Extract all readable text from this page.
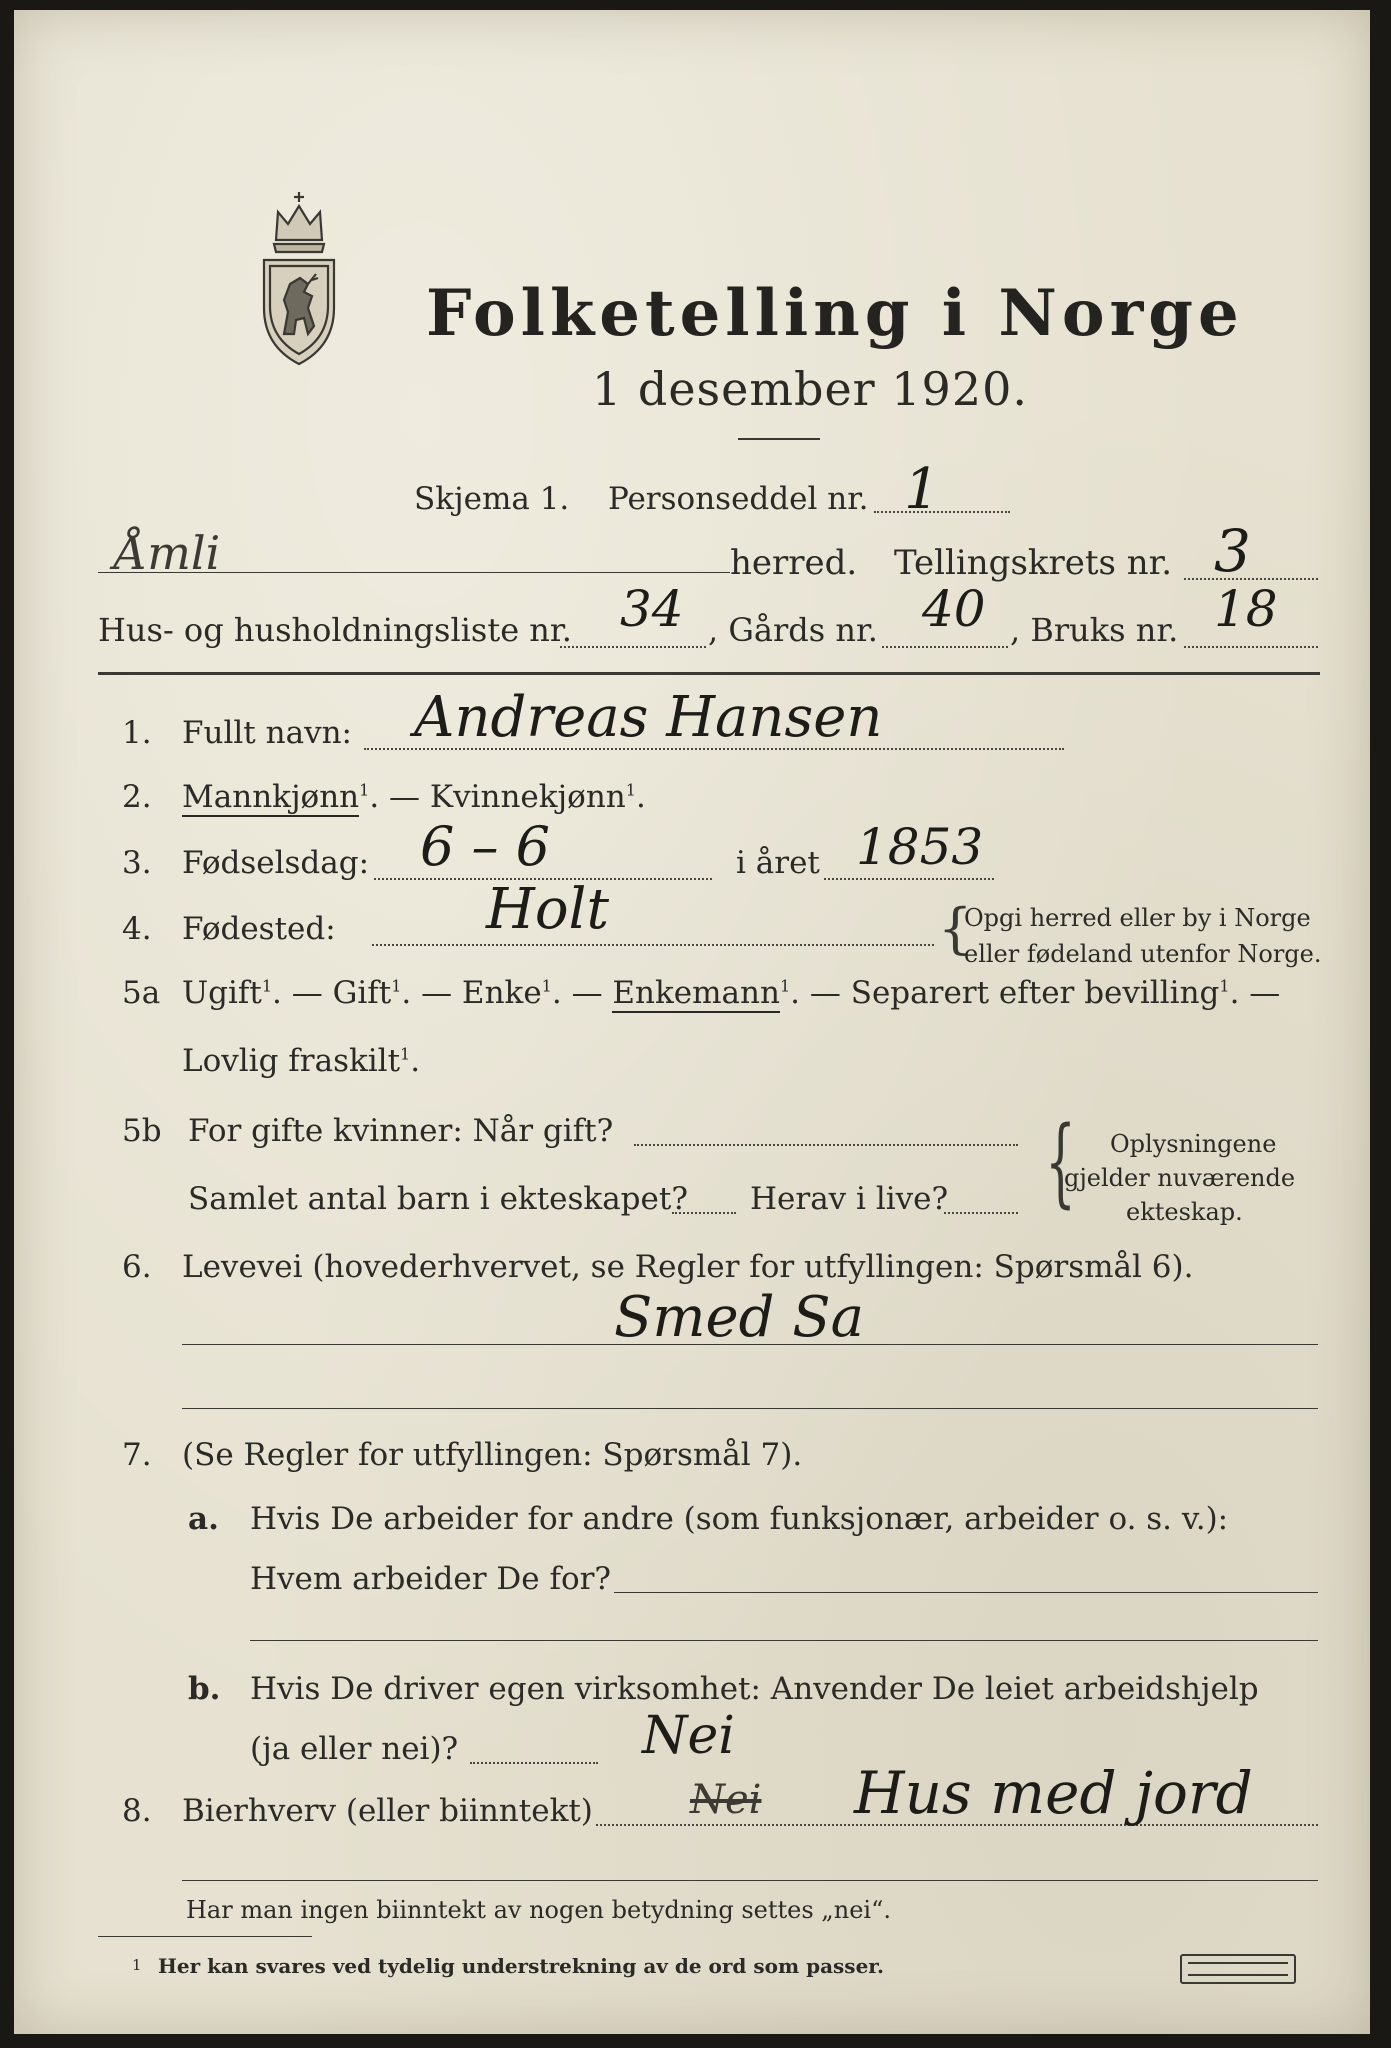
Folketelling i Norge
1 desember 1920.
Skjema 1. Personseddel nr. 1
Åmli	herred. Tellingskrets nr. 3
Hus- og husholdningsliste nr. 34 , Gårds nr. 40 , Bruks nr. 18
1. Fullt navn: Andreas Hansen
2. Mannkjønn$^1$. — Kvinnekjønn$^1$.
3. Fødselsdag: 6 – 6	i året 1853
4. Fødested:	Holt	{
Opgi herred eller by i Norge
eller fødeland utenfor Norge.
5a Ugift$^1$. — Gift$^1$. — Enke$^1$. — Enkemann$^1$. — Separert efter bevilling$^1$. —
Lovlig fraskilt$^1$.
5b For gifte kvinner: Når gift?
Samlet antal barn i ekteskapet? Herav i live? { Oplysningene
gjelder nuværende
ekteskap.
6. Levevei (hovederhvervet, se Regler for utfyllingen: Spørsmål 6).
Smed Sa
7. (Se Regler for utfyllingen: Spørsmål 7).
a. Hvis De arbeider for andre (som funksjonær, arbeider o. s. v.):
Hvem arbeider De for?
b. Hvis De driver egen virksomhet: Anvender De leiet arbeidshjelp
(ja eller nei)?	Nei
8. Bierhverv (eller biinntekt) Nei Hus med jord
Har man ingen biinntekt av nogen betydning settes „nei“.
1 Her kan svares ved tydelig understrekning av de ord som passer.
